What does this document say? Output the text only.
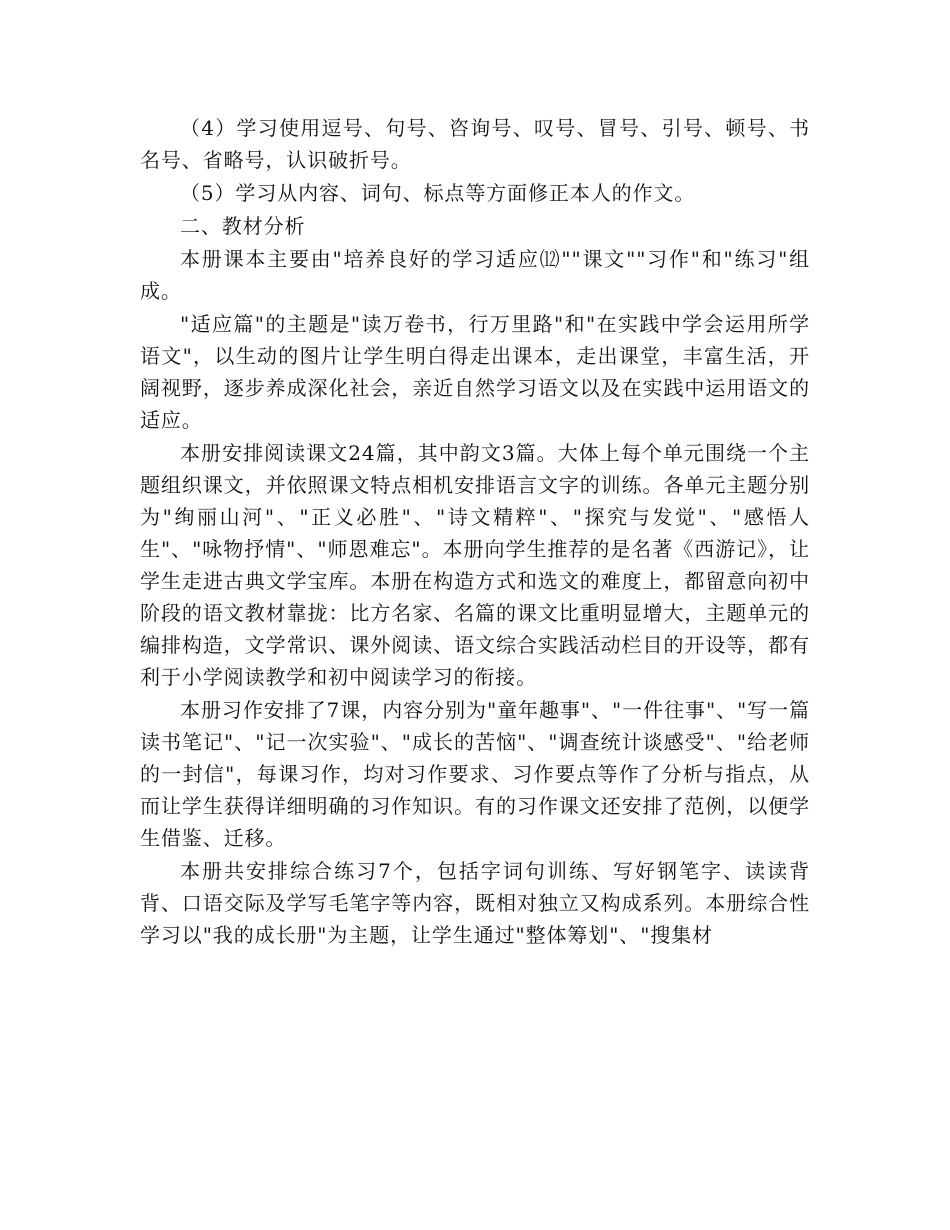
（4）学习使用逗号、句号、咨询号、叹号、冒号、引号、顿号、书名号、省略号，认识破折号。

（5）学习从内容、词句、标点等方面修正本人的作文。

二、教材分析

本册课本主要由"培养良好的学习适应⑿""课文""习作"和"练习"组成。

"适应篇"的主题是"读万卷书，行万里路"和"在实践中学会运用所学语文"，以生动的图片让学生明白得走出课本，走出课堂，丰富生活，开阔视野，逐步养成深化社会，亲近自然学习语文以及在实践中运用语文的适应。

本册安排阅读课文24篇，其中韵文3篇。大体上每个单元围绕一个主题组织课文，并依照课文特点相机安排语言文字的训练。各单元主题分别为"绚丽山河"、"正义必胜"、"诗文精粹"、"探究与发觉"、"感悟人生"、"咏物抒情"、"师恩难忘"。本册向学生推荐的是名著《西游记》，让学生走进古典文学宝库。本册在构造方式和选文的难度上，都留意向初中阶段的语文教材靠拢：比方名家、名篇的课文比重明显增大，主题单元的编排构造，文学常识、课外阅读、语文综合实践活动栏目的开设等，都有利于小学阅读教学和初中阅读学习的衔接。

本册习作安排了7课，内容分别为"童年趣事"、"一件往事"、"写一篇读书笔记"、"记一次实验"、"成长的苦恼"、"调查统计谈感受"、"给老师的一封信"，每课习作，均对习作要求、习作要点等作了分析与指点，从而让学生获得详细明确的习作知识。有的习作课文还安排了范例，以便学生借鉴、迁移。

本册共安排综合练习7个，包括字词句训练、写好钢笔字、读读背背、口语交际及学写毛笔字等内容，既相对独立又构成系列。本册综合性学习以"我的成长册"为主题，让学生通过"整体筹划"、"搜集材
